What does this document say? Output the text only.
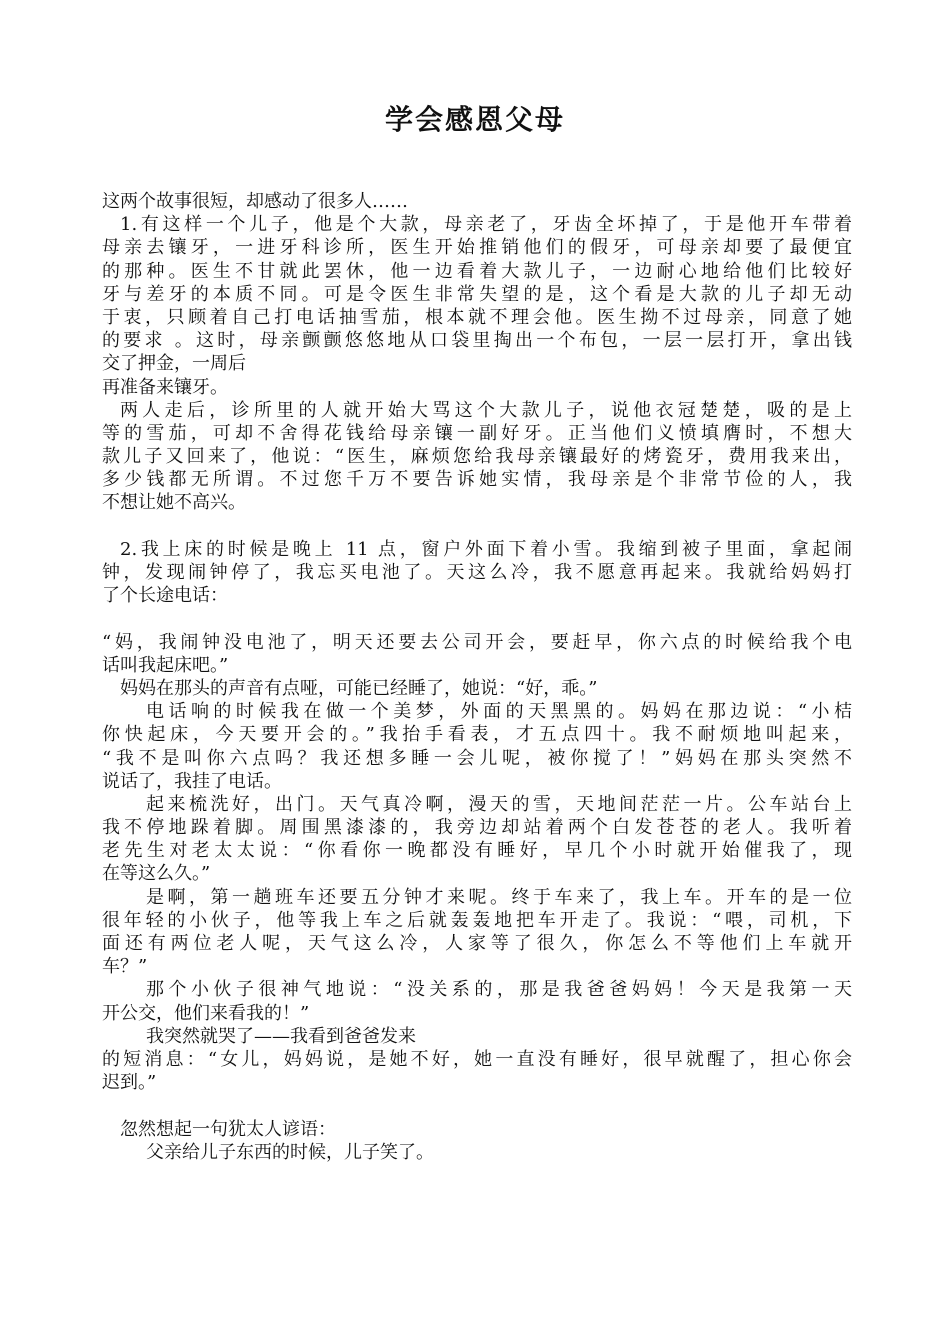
学会感恩父母
这两个故事很短，却感动了很多人……
1.有这样一个儿子，他是个大款，母亲老了，牙齿全坏掉了，于是他开车带着
母亲去镶牙，一进牙科诊所，医生开始推销他们的假牙，可母亲却要了最便宜
的那种。医生不甘就此罢休，他一边看着大款儿子，一边耐心地给他们比较好
牙与差牙的本质不同。可是令医生非常失望的是，这个看是大款的儿子却无动
于衷，只顾着自己打电话抽雪茄，根本就不理会他。医生拗不过母亲，同意了她
的要求 。这时，母亲颤颤悠悠地从口袋里掏出一个布包，一层一层打开，拿出钱
交了押金，一周后
再准备来镶牙。
两人走后，诊所里的人就开始大骂这个大款儿子，说他衣冠楚楚，吸的是上
等的雪茄，可却不舍得花钱给母亲镶一副好牙。正当他们义愤填膺时，不想大
款儿子又回来了，他说：“医生，麻烦您给我母亲镶最好的烤瓷牙，费用我来出，
多少钱都无所谓。不过您千万不要告诉她实情，我母亲是个非常节俭的人，我
不想让她不高兴。
2.我上床的时候是晚上 11 点，窗户外面下着小雪。我缩到被子里面，拿起闹
钟，发现闹钟停了，我忘买电池了。天这么冷，我不愿意再起来。我就给妈妈打
了个长途电话：
“妈，我闹钟没电池了，明天还要去公司开会，要赶早，你六点的时候给我个电
话叫我起床吧。”
妈妈在那头的声音有点哑，可能已经睡了，她说：“好，乖。”
电话响的时候我在做一个美梦，外面的天黑黑的。妈妈在那边说：“小桔
你快起床，今天要开会的。”我抬手看表，才五点四十。我不耐烦地叫起来，
“我不是叫你六点吗？我还想多睡一会儿呢，被你搅了！”妈妈在那头突然不
说话了，我挂了电话。
起来梳洗好，出门。天气真冷啊，漫天的雪，天地间茫茫一片。公车站台上
我不停地跺着脚。周围黑漆漆的，我旁边却站着两个白发苍苍的老人。我听着
老先生对老太太说：“你看你一晚都没有睡好，早几个小时就开始催我了，现
在等这么久。”
是啊，第一趟班车还要五分钟才来呢。终于车来了，我上车。开车的是一位
很年轻的小伙子，他等我上车之后就轰轰地把车开走了。我说：“喂，司机，下
面还有两位老人呢，天气这么冷，人家等了很久，你怎么不等他们上车就开
车？”
那个小伙子很神气地说：“没关系的，那是我爸爸妈妈！今天是我第一天
开公交，他们来看我的！”
我突然就哭了——我看到爸爸发来
的短消息：“女儿，妈妈说，是她不好，她一直没有睡好，很早就醒了，担心你会
迟到。”
忽然想起一句犹太人谚语：
父亲给儿子东西的时候，儿子笑了。
